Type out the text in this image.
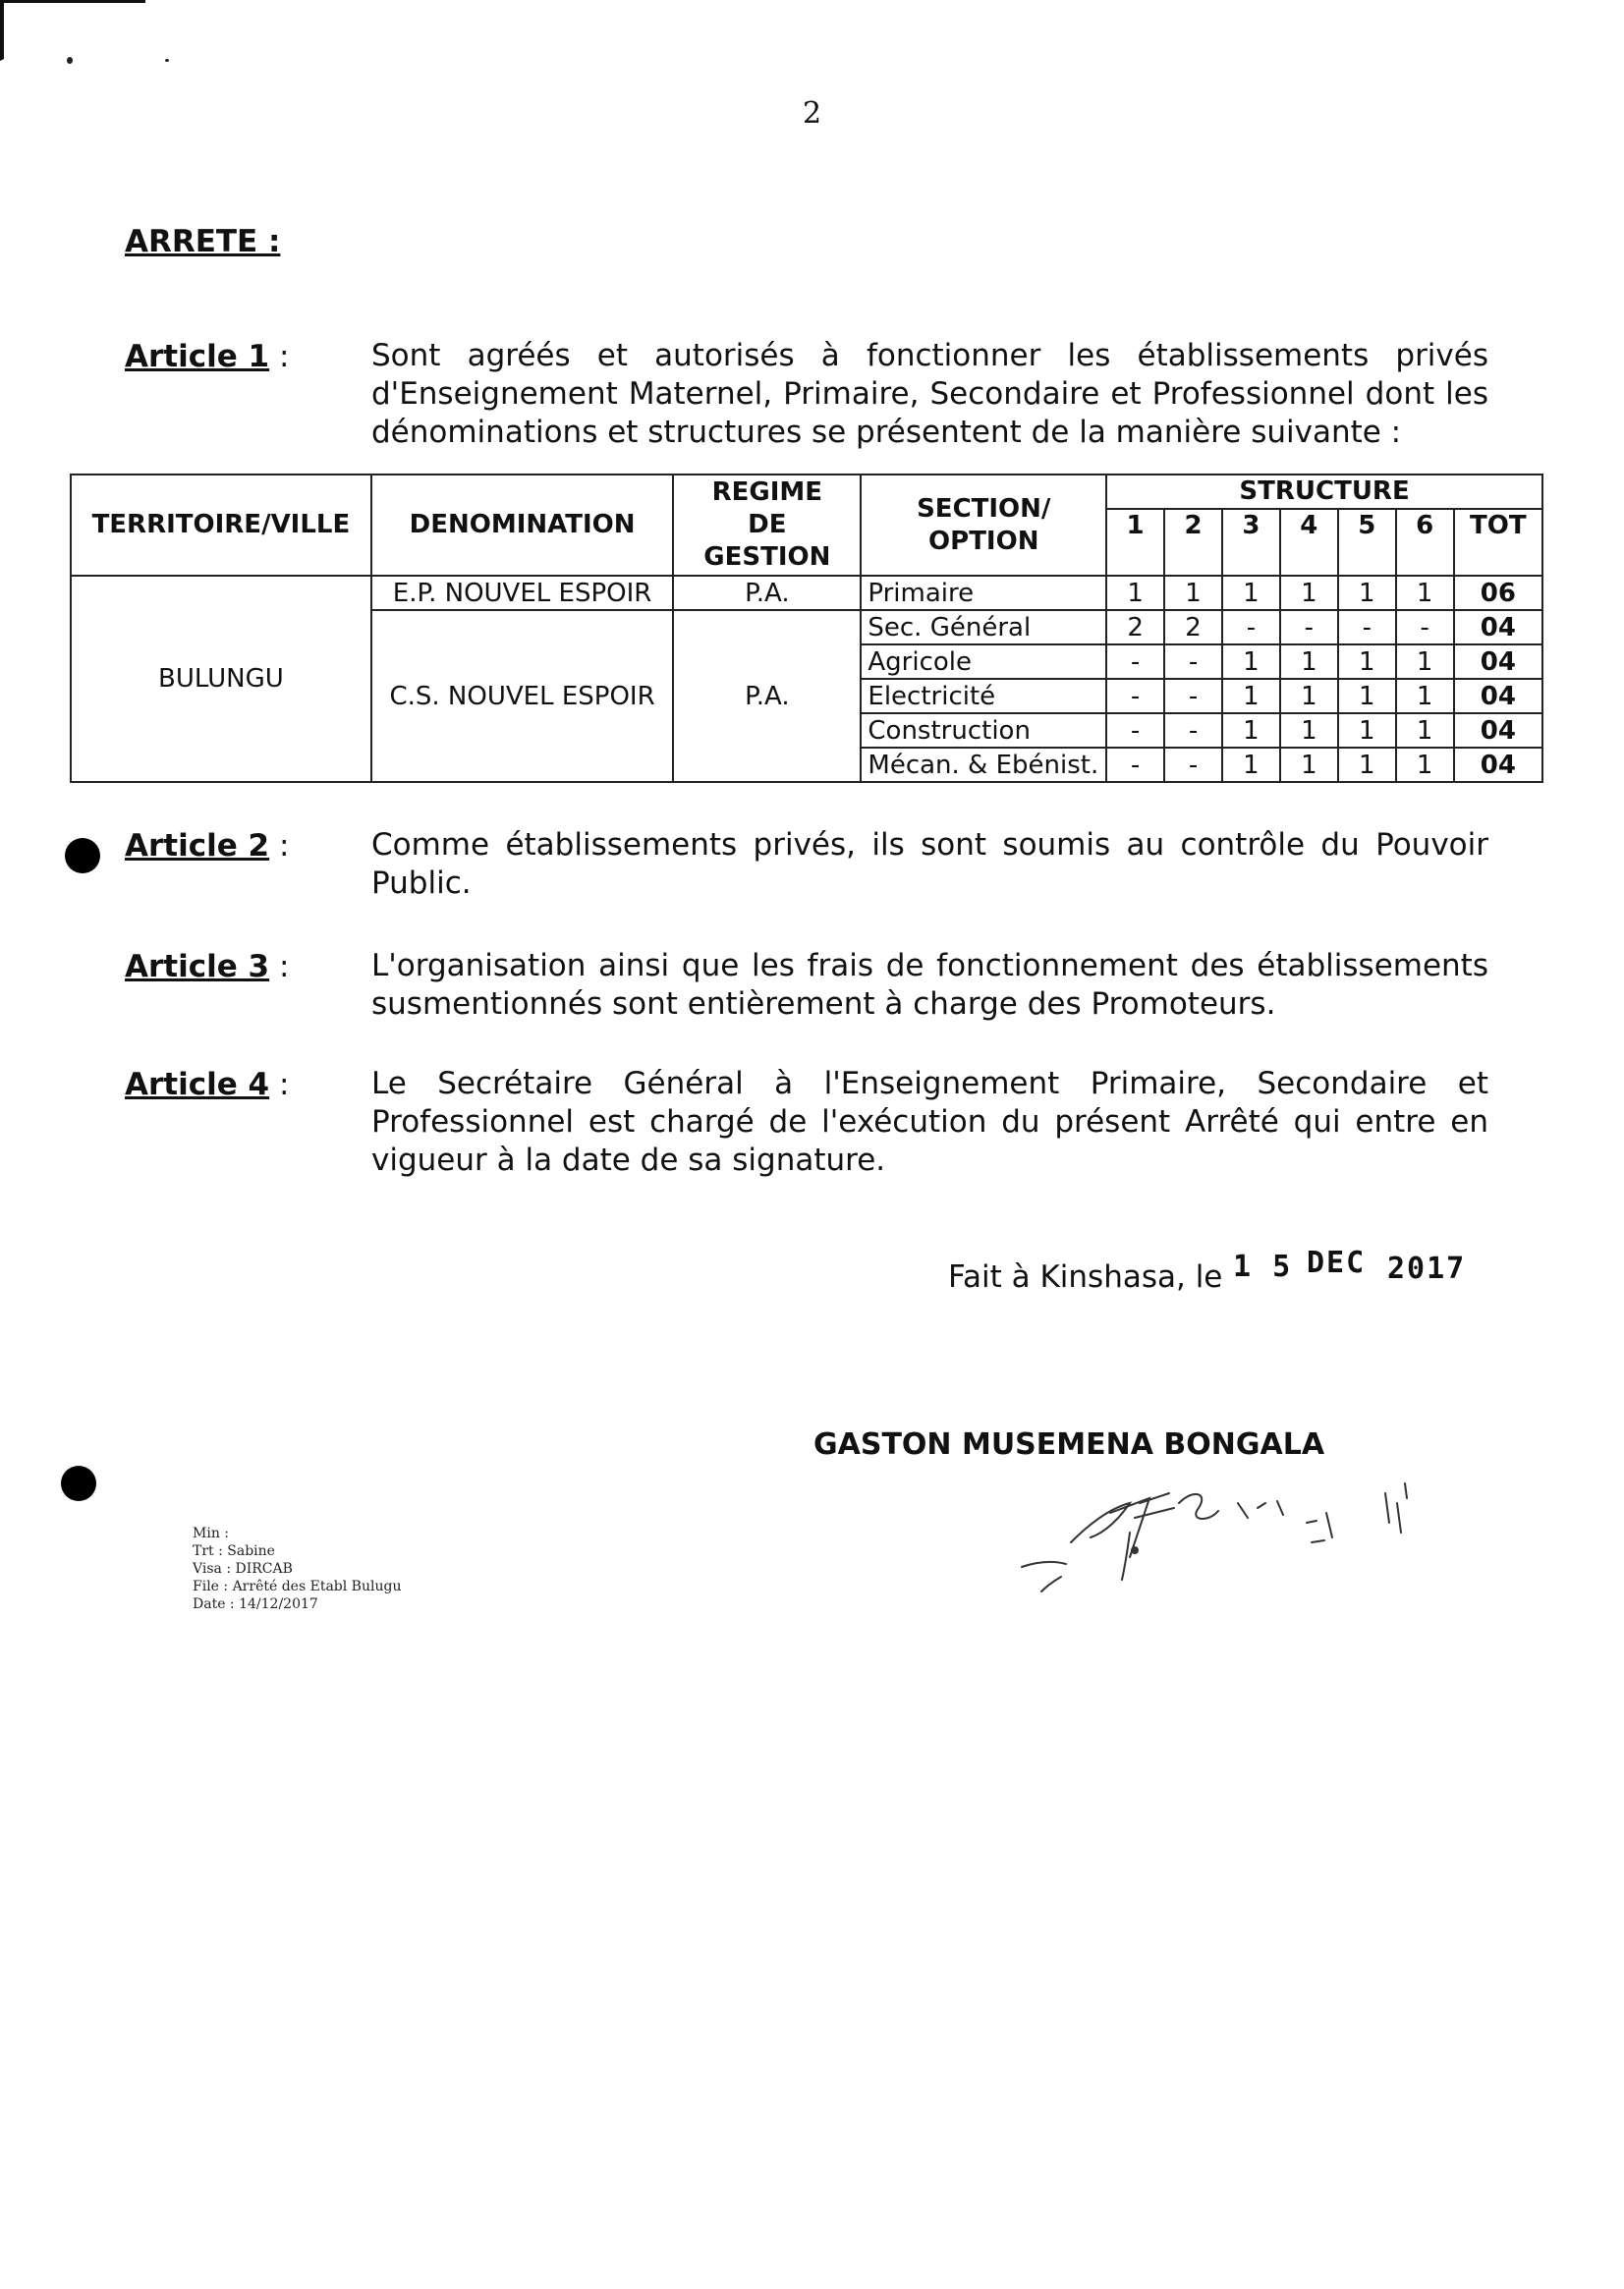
2
ARRETE :
Article 1 :	Sont agréés et autorisés à fonctionner les établissements privés d'Enseignement Maternel, Primaire, Secondaire et Professionnel dont les dénominations et structures se présentent de la manière suivante :
TERRITOIRE/VILLE	DENOMINATION	REGIME DE GESTION	SECTION/ OPTION	STRUCTURE						
				1	2	3	4	5	6	TOT
BULUNGU	E.P. NOUVEL ESPOIR	P.A.	Primaire	1	1	1	1	1	1	06
	C.S. NOUVEL ESPOIR	P.A.	Sec. Général	2	2	-	-	-	-	04
			Agricole	-	-	1	1	1	1	04
			Electricité	-	-	1	1	1	1	04
			Construction	-	-	1	1	1	1	04
			Mécan. & Ebénist.	-	-	1	1	1	1	04
Article 2 :	Comme établissements privés, ils sont soumis au contrôle du Pouvoir Public.
Article 3 :	L'organisation ainsi que les frais de fonctionnement des établissements susmentionnés sont entièrement à charge des Promoteurs.
Article 4 :	Le Secrétaire Général à l'Enseignement Primaire, Secondaire et Professionnel est chargé de l'exécution du présent Arrêté qui entre en vigueur à la date de sa signature.
Fait à Kinshasa, le 1 5 DEC 2017
GASTON MUSEMENA BONGALA
Min :
Trt : Sabine
Visa : DIRCAB
File : Arrêté des Etabl Bulugu
Date : 14/12/2017
